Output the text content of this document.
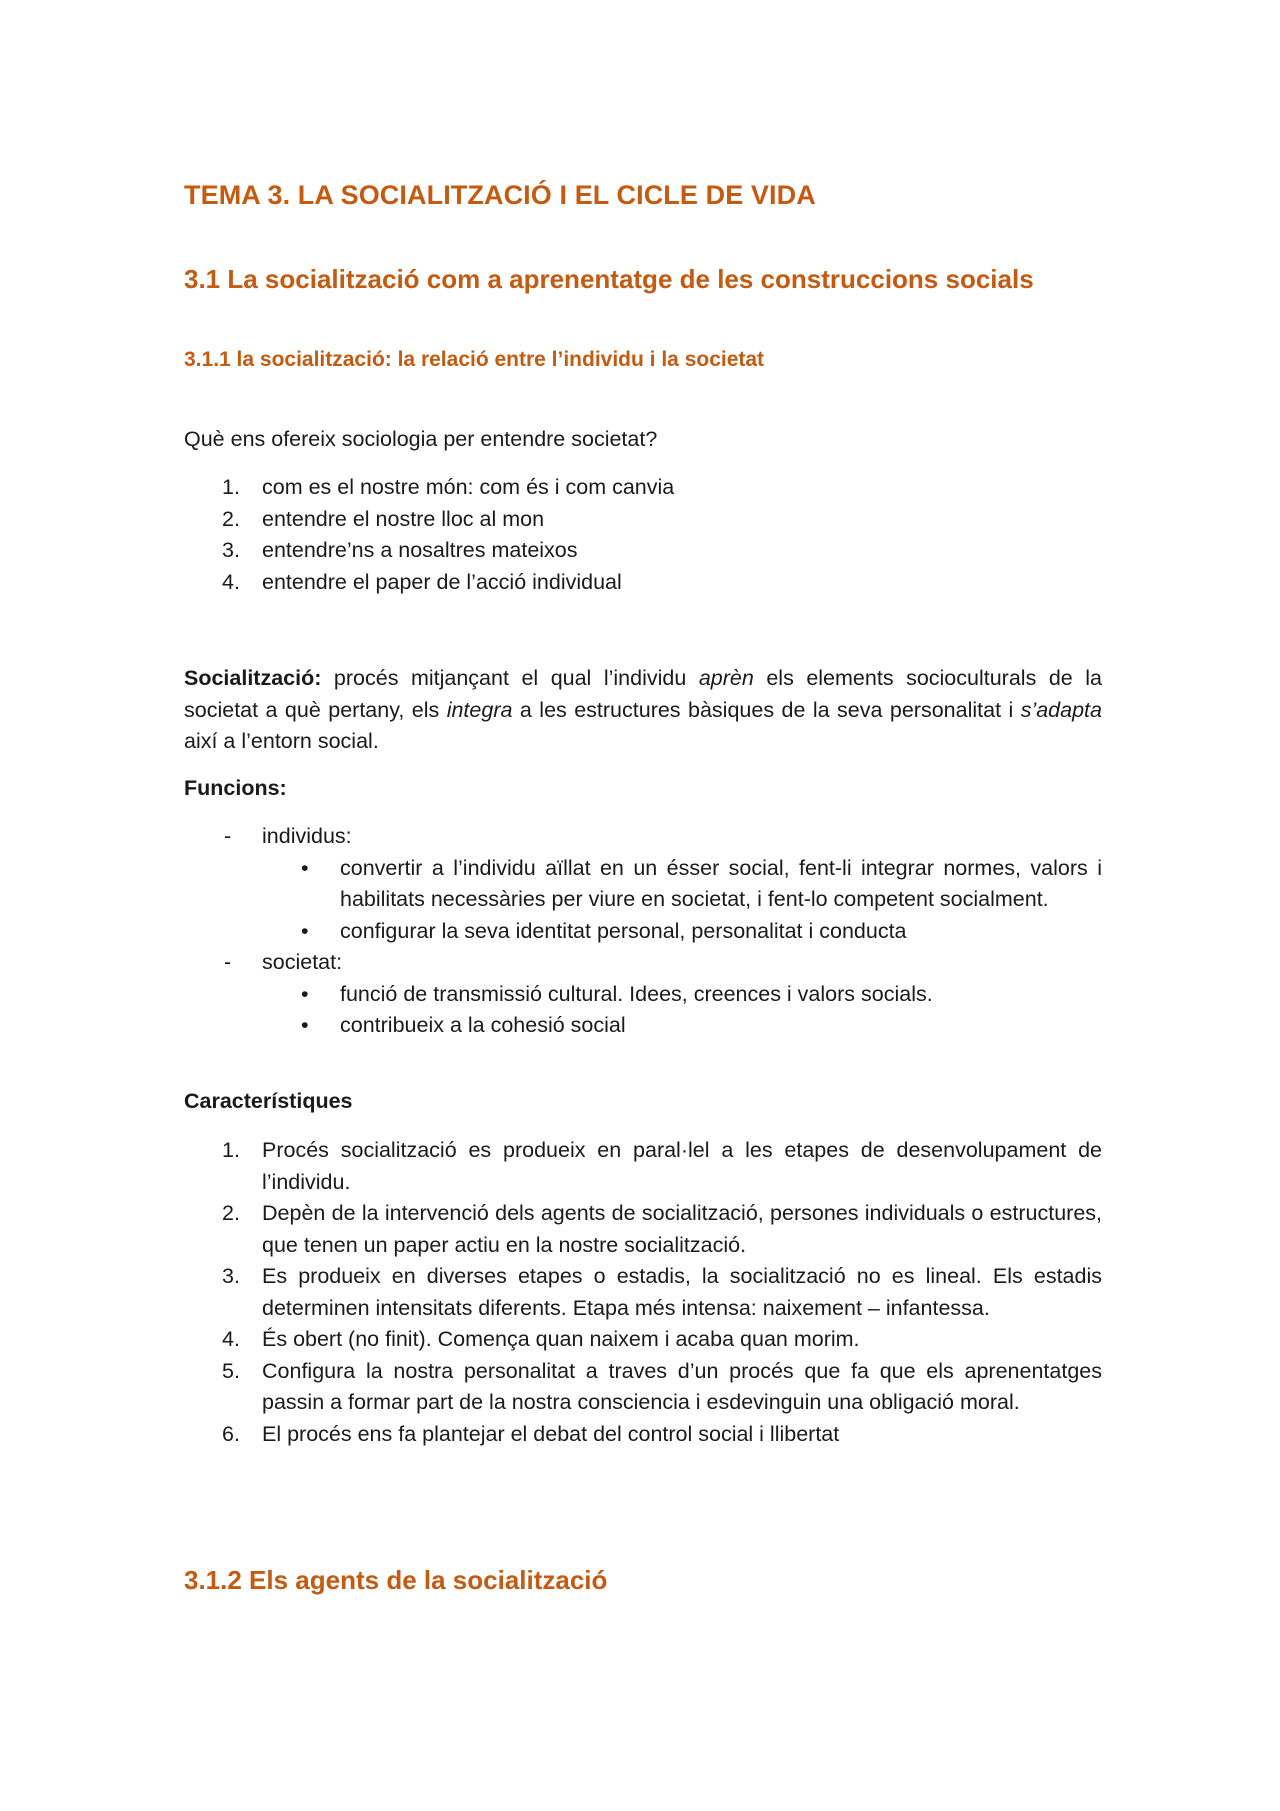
TEMA 3. LA SOCIALITZACIÓ I EL CICLE DE VIDA
3.1 La socialització com a aprenentatge de les construccions socials
3.1.1 la socialització: la relació entre l’individu i la societat

Què ens ofereix sociologia per entendre societat?

1. com es el nostre món: com és i com canvia
2. entendre el nostre lloc al mon
3. entendre’ns a nosaltres mateixos
4. entendre el paper de l’acció individual

Socialització: procés mitjançant el qual l’individu aprèn els elements socioculturals de la societat a què pertany, els integra a les estructures bàsiques de la seva personalitat i s’adapta així a l’entorn social.

Funcions:

- individus:
• convertir a l’individu aïllat en un ésser social, fent-li integrar normes, valors i habilitats necessàries per viure en societat, i fent-lo competent socialment.
• configurar la seva identitat personal, personalitat i conducta
- societat:
• funció de transmissió cultural. Idees, creences i valors socials.
• contribueix a la cohesió social

Característiques

1. Procés socialització es produeix en paral·lel a les etapes de desenvolupament de l’individu.
2. Depèn de la intervenció dels agents de socialització, persones individuals o estructures, que tenen un paper actiu en la nostre socialització.
3. Es produeix en diverses etapes o estadis, la socialització no es lineal. Els estadis determinen intensitats diferents. Etapa més intensa: naixement – infantessa.
4. És obert (no finit). Comença quan naixem i acaba quan morim.
5. Configura la nostra personalitat a traves d’un procés que fa que els aprenentatges passin a formar part de la nostra consciencia i esdevinguin una obligació moral.
6. El procés ens fa plantejar el debat del control social i llibertat
3.1.2 Els agents de la socialització
